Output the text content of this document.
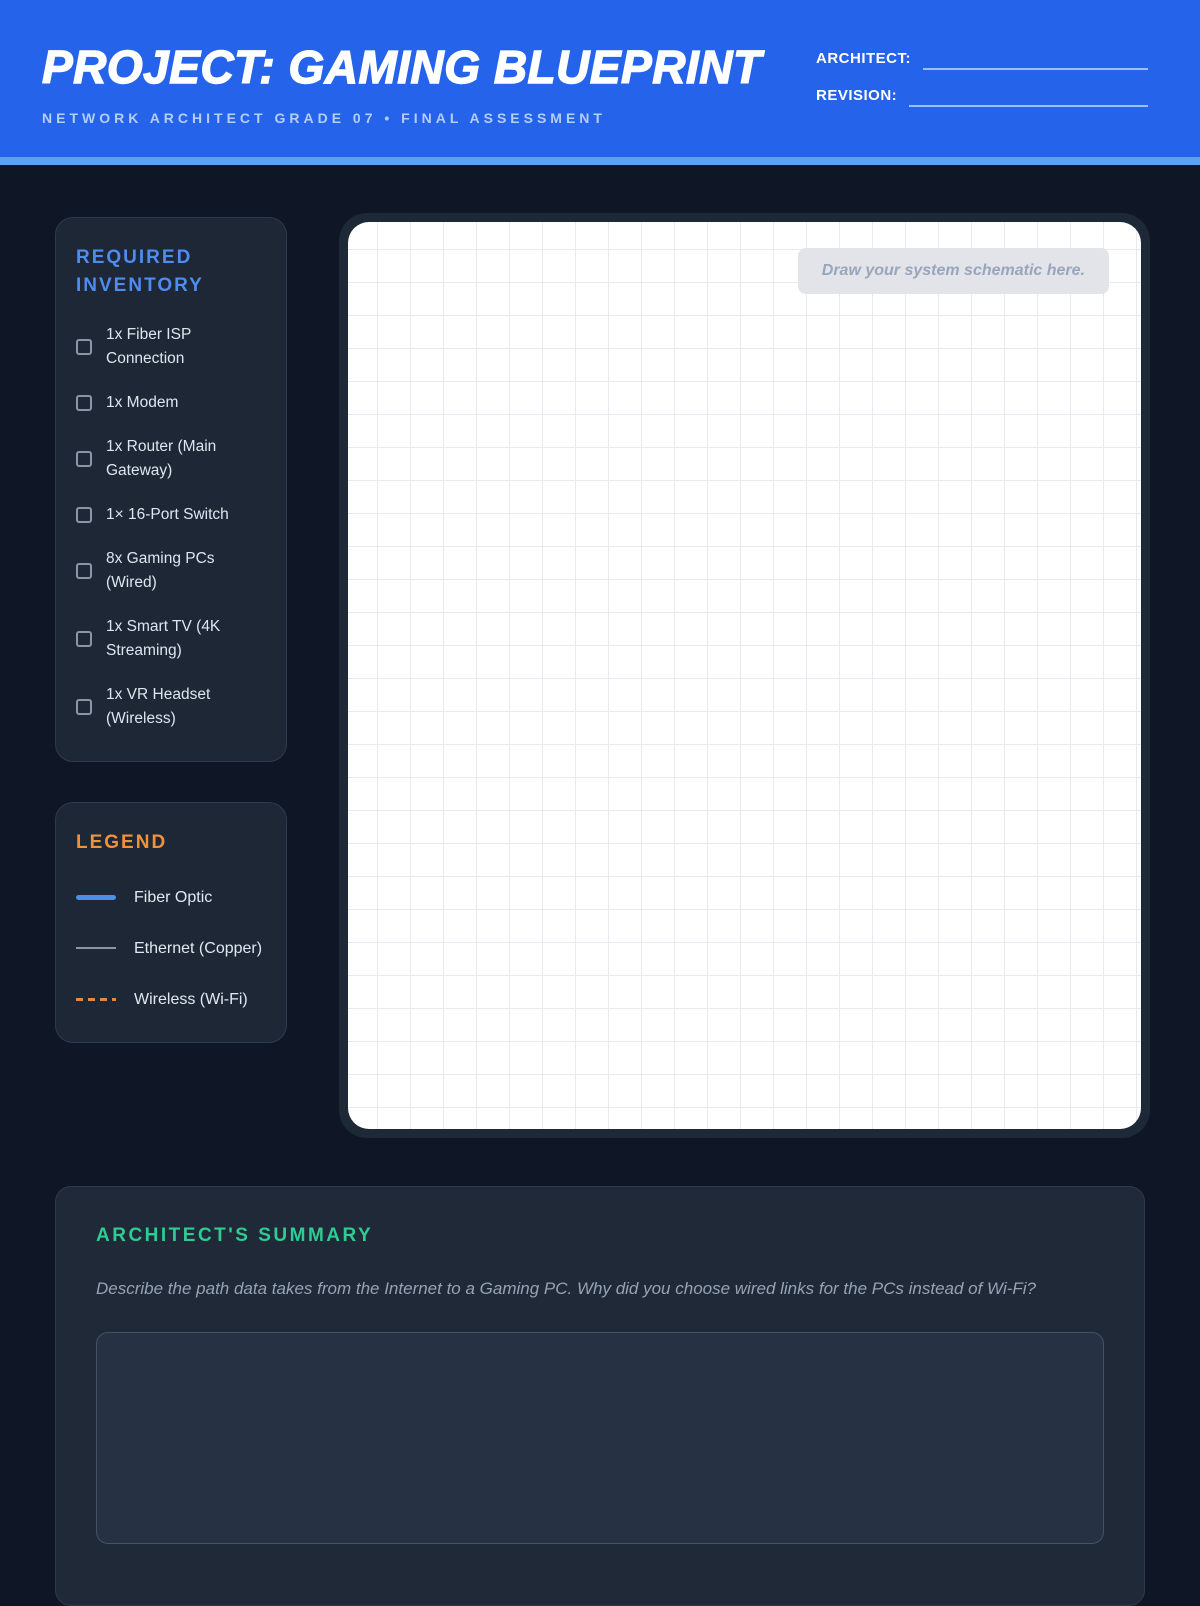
PROJECT: GAMING BLUEPRINT
NETWORK ARCHITECT GRADE 07 • FINAL ASSESSMENT
ARCHITECT:
REVISION:
REQUIRED INVENTORY
1x Fiber ISP Connection
1x Modem
1x Router (Main Gateway)
1× 16-Port Switch
8x Gaming PCs (Wired)
1x Smart TV (4K Streaming)
1x VR Headset (Wireless)
LEGEND
Fiber Optic
Ethernet (Copper)
Wireless (Wi-Fi)
Draw your system schematic here.
ARCHITECT'S SUMMARY

Describe the path data takes from the Internet to a Gaming PC. Why did you choose wired links for the PCs instead of Wi-Fi?
